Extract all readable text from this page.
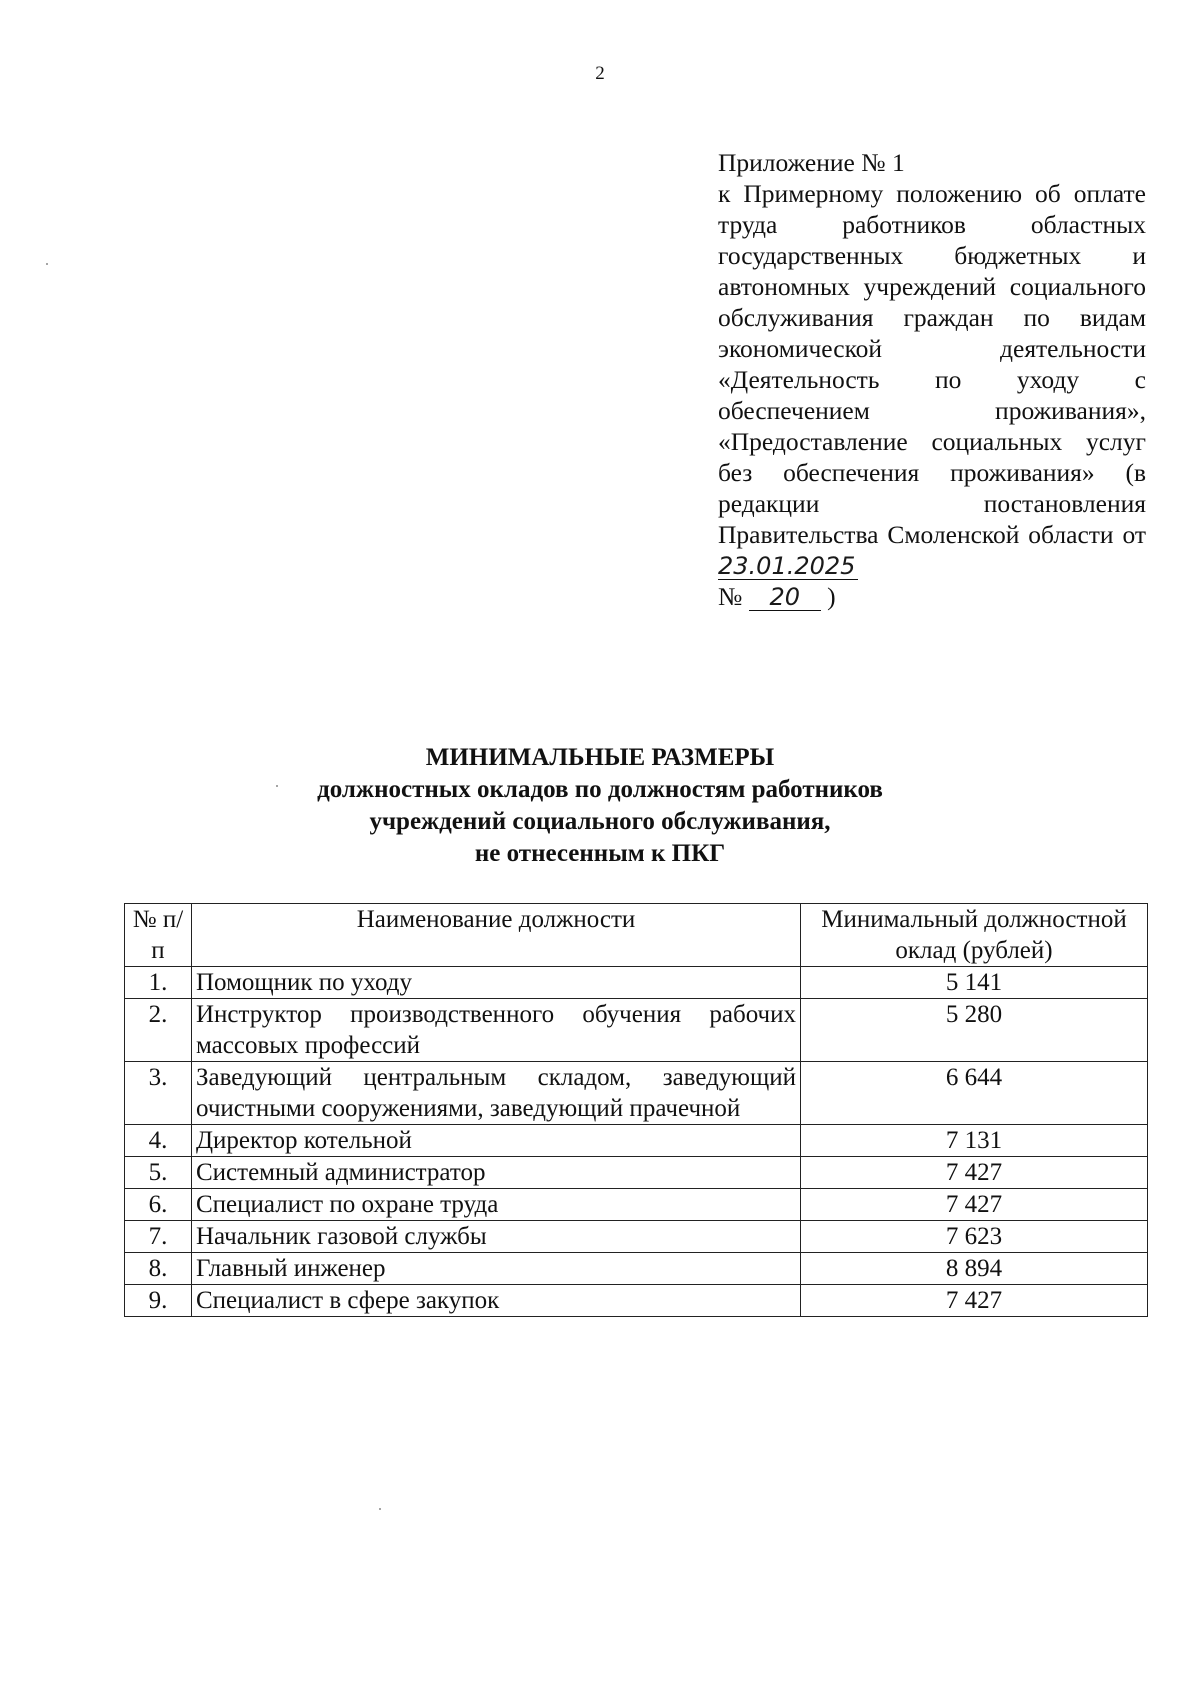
2
Приложение № 1
к Примерному положению об оплате труда работников областных государственных бюджетных и автономных учреждений социального обслуживания граждан по видам экономической деятельности «Деятельность по уходу с обеспечением проживания», «Предоставление социальных услуг без обеспечения проживания» (в редакции постановления Правительства Смоленской области от 23.01.2025
№ 20 )
МИНИМАЛЬНЫЕ РАЗМЕРЫ
должностных окладов по должностям работников
учреждений социального обслуживания,
не отнесенным к ПКГ
№ п/п	Наименование должности	Минимальный должностной оклад (рублей)
1.	Помощник по уходу	5 141
2.	Инструктор производственного обучения рабочих массовых профессий	5 280
3.	Заведующий центральным складом, заведующий очистными сооружениями, заведующий прачечной	6 644
4.	Директор котельной	7 131
5.	Системный администратор	7 427
6.	Специалист по охране труда	7 427
7.	Начальник газовой службы	7 623
8.	Главный инженер	8 894
9.	Специалист в сфере закупок	7 427
